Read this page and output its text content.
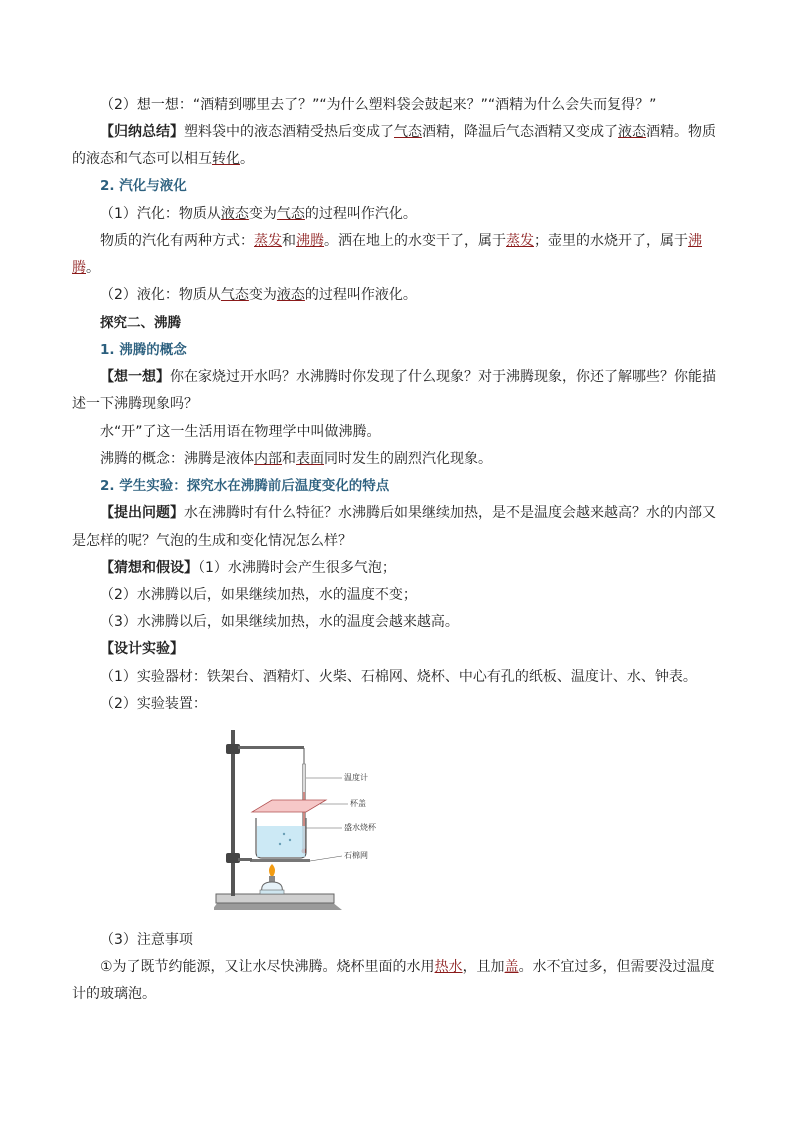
（2）想一想：“酒精到哪里去了？”“为什么塑料袋会鼓起来？”“酒精为什么会失而复得？”
【归纳总结】塑料袋中的液态酒精受热后变成了气态酒精，降温后气态酒精又变成了液态酒精。物质
的液态和气态可以相互转化。
2. 汽化与液化
（1）汽化：物质从液态变为气态的过程叫作汽化。
物质的汽化有两种方式：蒸发和沸腾。洒在地上的水变干了，属于蒸发；壶里的水烧开了，属于沸
腾。
（2）液化：物质从气态变为液态的过程叫作液化。
探究二、沸腾
1. 沸腾的概念
【想一想】你在家烧过开水吗？水沸腾时你发现了什么现象？对于沸腾现象，你还了解哪些？你能描
述一下沸腾现象吗？
水“开”了这一生活用语在物理学中叫做沸腾。
沸腾的概念：沸腾是液体内部和表面同时发生的剧烈汽化现象。
2. 学生实验：探究水在沸腾前后温度变化的特点
【提出问题】水在沸腾时有什么特征？水沸腾后如果继续加热，是不是温度会越来越高？水的内部又
是怎样的呢？气泡的生成和变化情况怎么样？
【猜想和假设】（1）水沸腾时会产生很多气泡；
（2）水沸腾以后，如果继续加热，水的温度不变；
（3）水沸腾以后，如果继续加热，水的温度会越来越高。
【设计实验】
（1）实验器材：铁架台、酒精灯、火柴、石棉网、烧杯、中心有孔的纸板、温度计、水、钟表。
（2）实验装置：
温度计
杯盖
盛水烧杯
石棉网
（3）注意事项
①为了既节约能源，又让水尽快沸腾。烧杯里面的水用热水，且加盖。水不宜过多，但需要没过温度
计的玻璃泡。
